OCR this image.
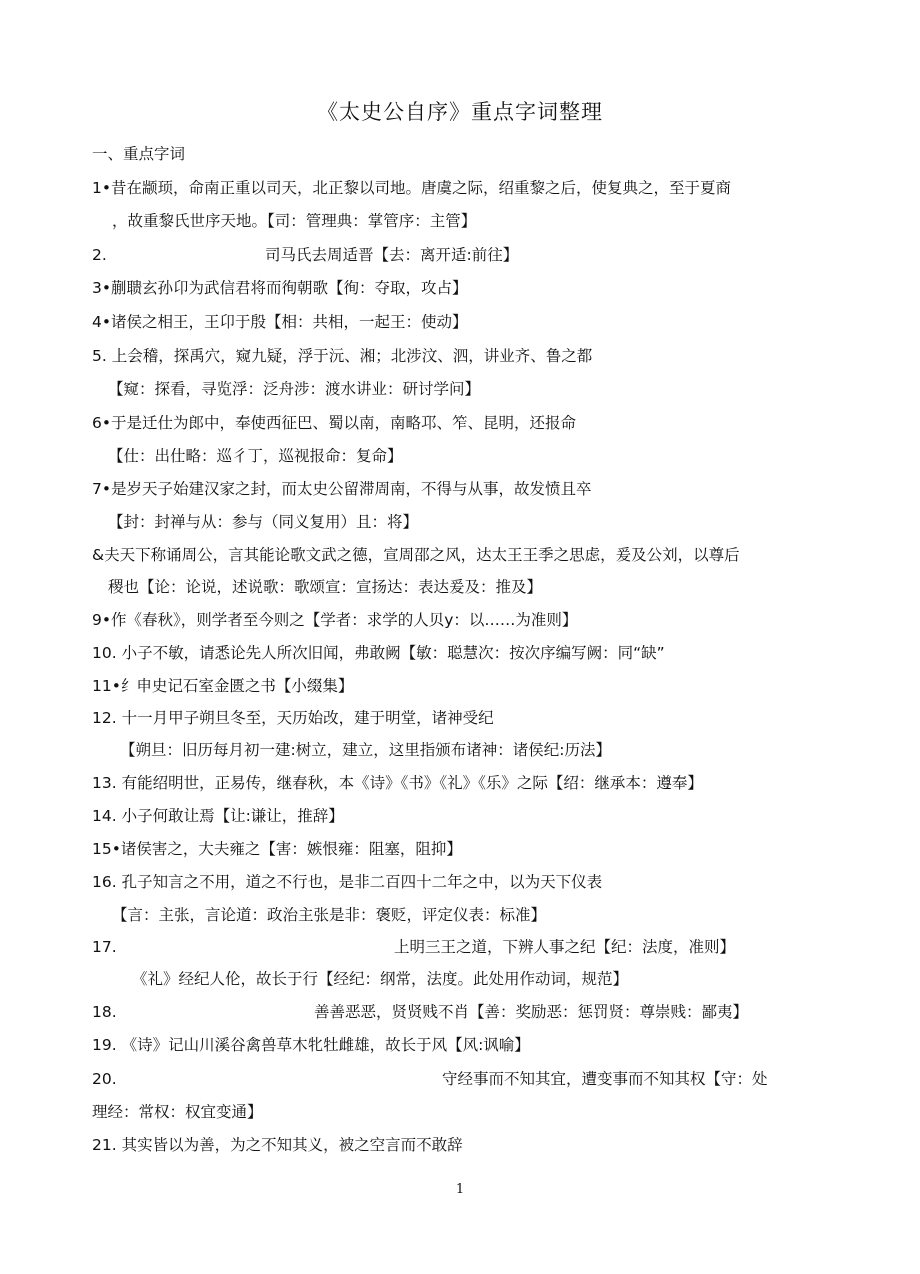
《太史公自序》重点字词整理
一、重点字词
1•昔在颛顼，命南正重以司天，北正黎以司地。唐虞之际，绍重黎之后，使复典之，至于夏商
，故重黎氏世序天地。【司：管理典：掌管序：主管】
2.	司马氏去周适晋【去：离开适:前往】
3•蒯聩玄孙卬为武信君将而徇朝歌【徇：夺取，攻占】
4•诸侯之相王，王卬于殷【相：共相，一起王：使动】
5. 上会稽，探禹穴，窥九疑，浮于沅、湘；北涉汶、泗，讲业齐、鲁之都
【窥：探看，寻览浮：泛舟涉：渡水讲业：研讨学问】
6•于是迁仕为郎中，奉使西征巴、蜀以南，南略邛、笮、昆明，还报命
【仕：出仕略：巡彳丁，巡视报命：复命】
7•是岁天子始建汉家之封，而太史公留滞周南，不得与从事，故发愤且卒
【封：封禅与从：参与（同义复用）且：将】
&夫天下称诵周公，言其能论歌文武之德，宣周邵之风，达太王王季之思虑，爰及公刘，以尊后
稷也【论：论说，述说歌：歌颂宣：宣扬达：表达爰及：推及】
9•作《春秋》，则学者至今则之【学者：求学的人贝y：以……为准则】
10. 小子不敏，请悉论先人所次旧闻，弗敢阙【敏：聪慧次：按次序编写阙：同“缺”
11•纟申史记石室金匮之书【小缀集】
12. 十一月甲子朔旦冬至，天历始改，建于明堂，诸神受纪
【朔旦：旧历每月初一建:树立，建立，这里指颁布诸神：诸侯纪:历法】
13. 有能绍明世，正易传，继春秋，本《诗》《书》《礼》《乐》之际【绍：继承本：遵奉】
14. 小子何敢让焉【让:谦让，推辞】
15•诸侯害之，大夫雍之【害：嫉恨雍：阻塞，阻抑】
16. 孔子知言之不用，道之不行也，是非二百四十二年之中，以为天下仪表
【言：主张，言论道：政治主张是非：褒贬，评定仪表：标准】
17.	上明三王之道，下辨人事之纪【纪：法度，准则】
《礼》经纪人伦，故长于行【经纪：纲常，法度。此处用作动词，规范】
18.	善善恶恶，贤贤贱不肖【善：奖励恶：惩罚贤：尊崇贱：鄙夷】
19. 《诗》记山川溪谷禽兽草木牝牡雌雄，故长于风【风:讽喻】
20.	守经事而不知其宜，遭变事而不知其权【守：处
理经：常权：权宜变通】
21. 其实皆以为善，为之不知其义，被之空言而不敢辞
1
